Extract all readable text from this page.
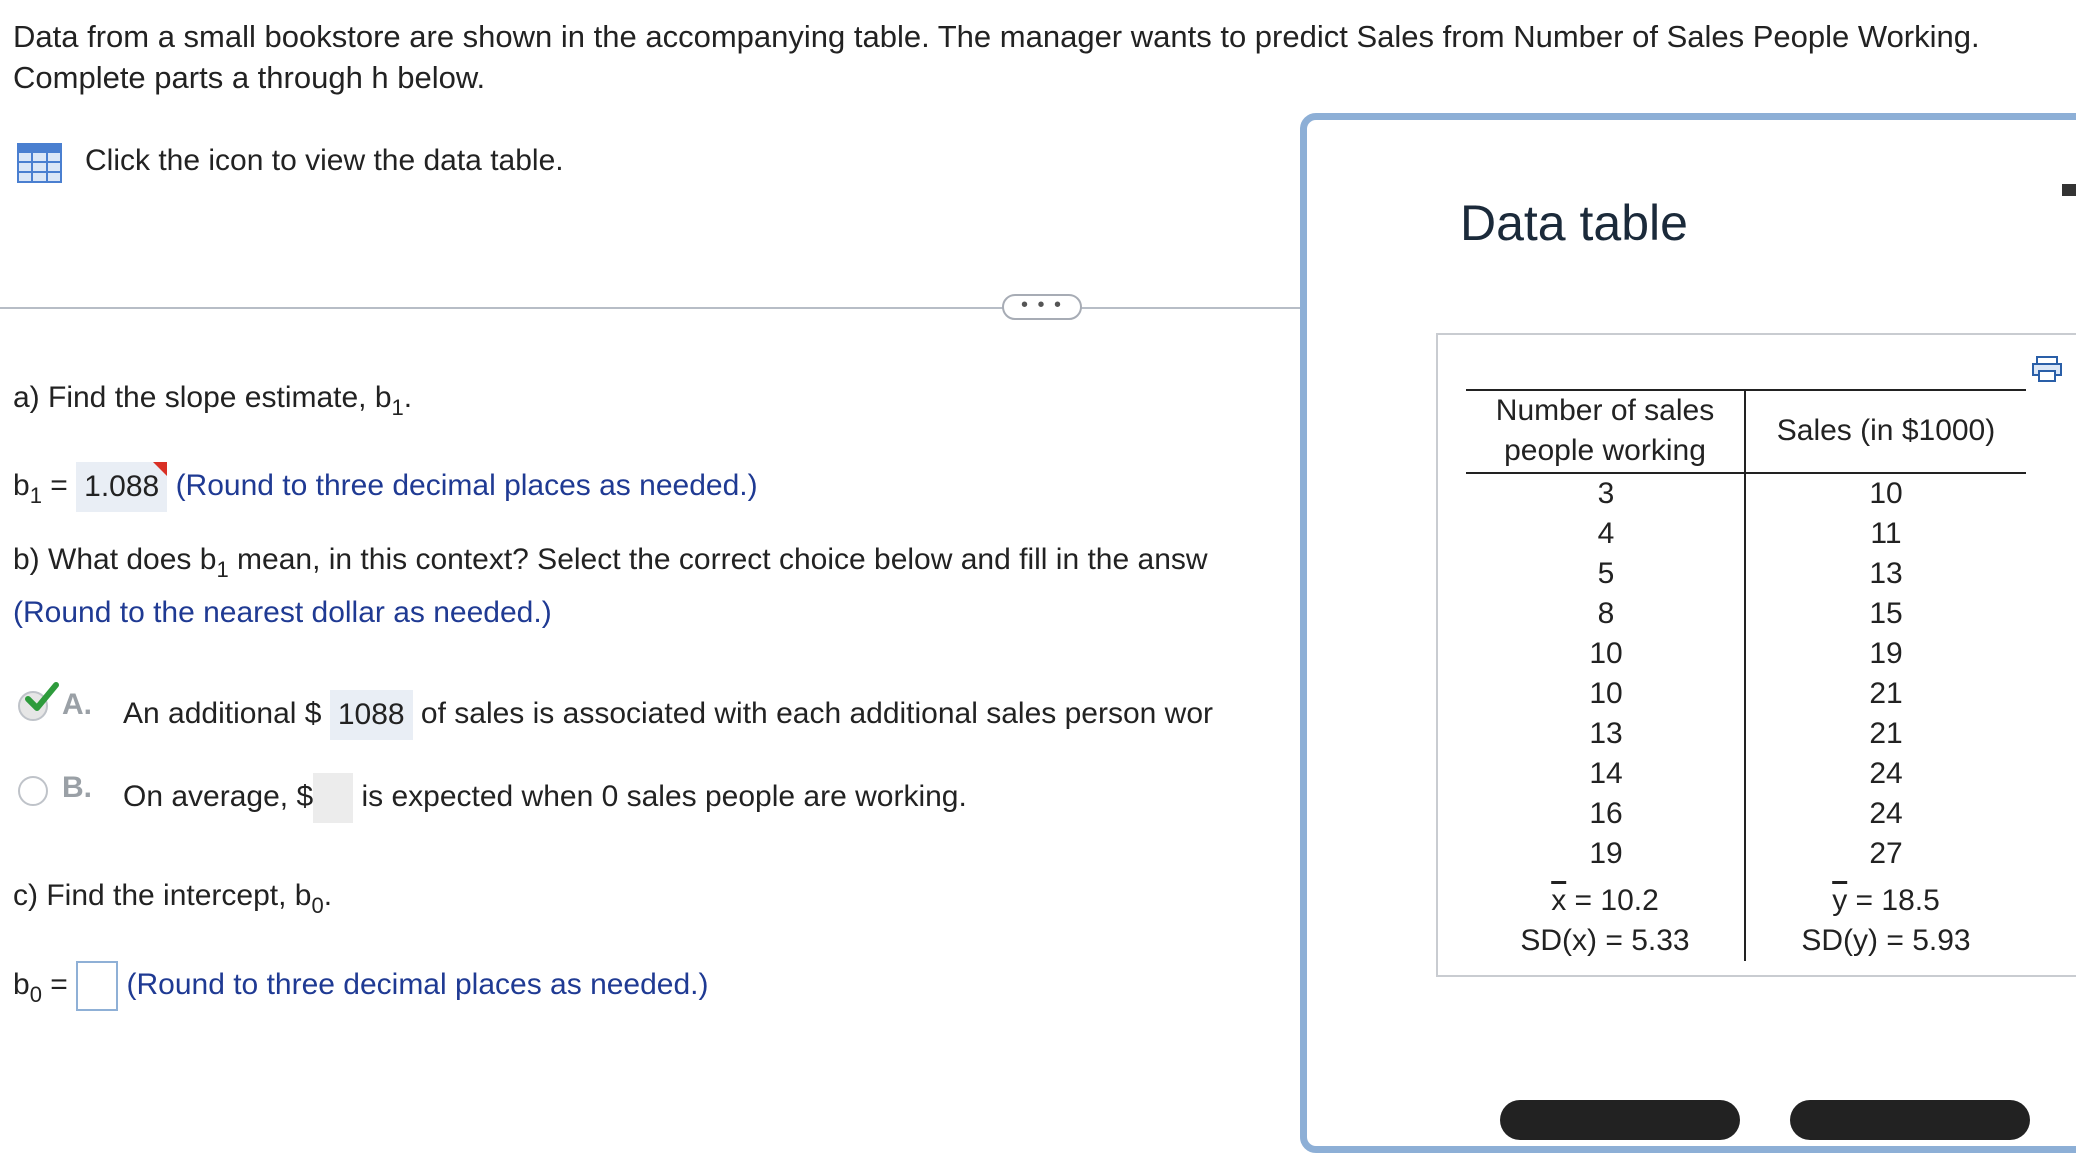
Data from a small bookstore are shown in the accompanying table. The manager wants to predict Sales from Number of Sales People Working.
Complete parts a through h below.
Click the icon to view the data table.
• • •
a) Find the slope estimate, $b_1$.
$b_1 = 1.088$ (Round to three decimal places as needed.)
b) What does $b_1$ mean, in this context? Select the correct choice below and fill in the answ
(Round to the nearest dollar as needed.)
A. An additional $ 1088 of sales is associated with each additional sales person wor
B. On average, $ is expected when 0 sales people are working.
c) Find the intercept, $b_0$.
$b_0$ =  (Round to three decimal places as needed.)
Data table
Number of sales
people working
Sales (in $1000)
3	10
4	11
5	13
8	15
10	19
10	21
13	21
14	24
16	24
19	27
$\overline{x} = 10.2$	$\overline{y} = 18.5$
SD(x) = 5.33	SD(y) = 5.93
